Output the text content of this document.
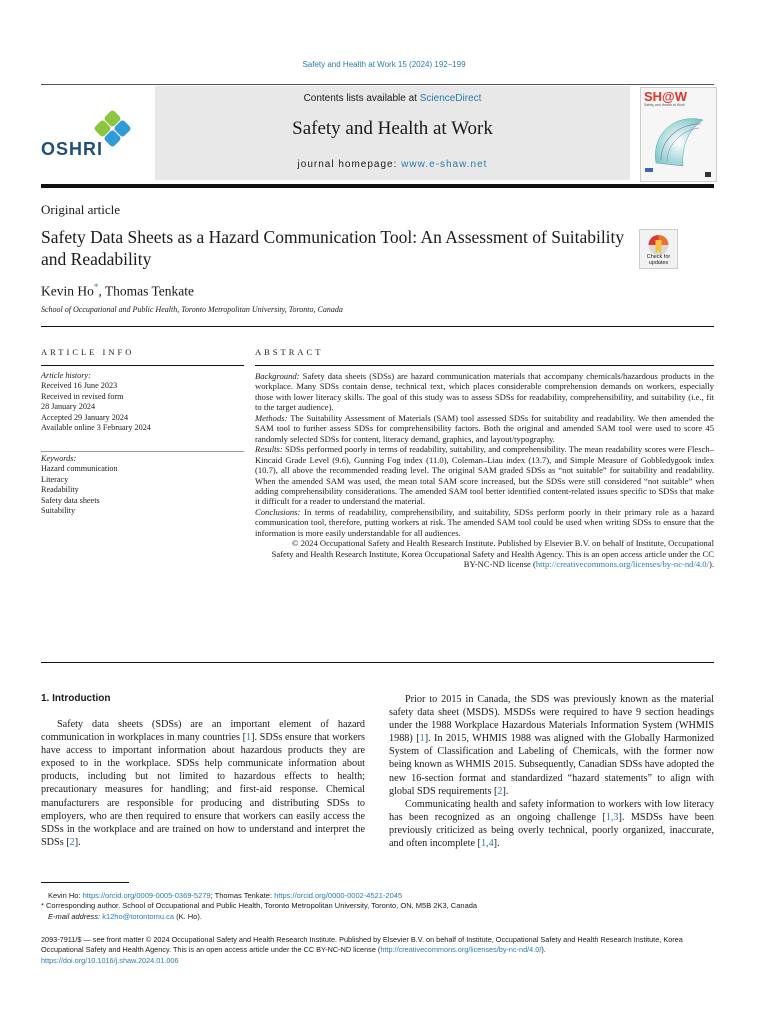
Safety and Health at Work 15 (2024) 192–199
OSHRI
Contents lists available at ScienceDirect
Safety and Health at Work
journal homepage: www.e-shaw.net
SH@W
Safety and Health at Work
Original article
Safety Data Sheets as a Hazard Communication Tool: An Assessment of Suitability and Readability	Check for updates
Kevin Ho*, Thomas Tenkate
School of Occupational and Public Health, Toronto Metropolitan University, Toronto, Canada
ARTICLE INFO
Article history:
Received 16 June 2023
Received in revised form
28 January 2024
Accepted 29 January 2024
Available online 3 February 2024
Keywords:
Hazard communication
Literacy
Readability
Safety data sheets
Suitability
ABSTRACT

Background: Safety data sheets (SDSs) are hazard communication materials that accompany chemicals/hazardous products in the workplace. Many SDSs contain dense, technical text, which places considerable comprehension demands on workers, especially those with lower literacy skills. The goal of this study was to assess SDSs for readability, comprehensibility, and suitability (i.e., fit to the target audience).

Methods: The Suitability Assessment of Materials (SAM) tool assessed SDSs for suitability and readability. We then amended the SAM tool to further assess SDSs for comprehensibility factors. Both the original and amended SAM tool were used to score 45 randomly selected SDSs for content, literacy demand, graphics, and layout/typography.

Results: SDSs performed poorly in terms of readability, suitability, and comprehensibility. The mean readability scores were Flesch–Kincaid Grade Level (9.6), Gunning Fog index (11.0), Coleman–Liau index (13.7), and Simple Measure of Gobbledygook index (10.7), all above the recommended reading level. The original SAM graded SDSs as “not suitable” for suitability and readability. When the amended SAM was used, the mean total SAM score increased, but the SDSs were still considered “not suitable” when adding comprehensibility considerations. The amended SAM tool better identified content-related issues specific to SDSs that make it difficult for a reader to understand the material.

Conclusions: In terms of readability, comprehensibility, and suitability, SDSs perform poorly in their primary role as a hazard communication tool, therefore, putting workers at risk. The amended SAM tool could be used when writing SDSs to ensure that the information is more easily understandable for all audiences.

© 2024 Occupational Safety and Health Research Institute. Published by Elsevier B.V. on behalf of Institute, Occupational Safety and Health Research Institute, Korea Occupational Safety and Health Agency. This is an open access article under the CC BY-NC-ND license (http://creativecommons.org/licenses/by-nc-nd/4.0/).

1. Introduction

Safety data sheets (SDSs) are an important element of hazard communication in workplaces in many countries [1]. SDSs ensure that workers have access to important information about hazardous products they are exposed to in the workplace. SDSs help communicate information about products, including but not limited to hazardous effects to health; precautionary measures for handling; and first-aid response. Chemical manufacturers are responsible for producing and distributing SDSs to employers, who are then required to ensure that workers can easily access the SDSs in the workplace and are trained on how to understand and interpret the SDSs [2].

Prior to 2015 in Canada, the SDS was previously known as the material safety data sheet (MSDS). MSDSs were required to have 9 section headings under the 1988 Workplace Hazardous Materials Information System (WHMIS 1988) [1]. In 2015, WHMIS 1988 was aligned with the Globally Harmonized System of Classification and Labeling of Chemicals, with the former now being known as WHMIS 2015. Subsequently, Canadian SDSs have adopted the new 16-section format and standardized “hazard statements” to align with global SDS requirements [2].

Communicating health and safety information to workers with low literacy has been recognized as an ongoing challenge [1,3]. MSDSs have been previously criticized as being overly technical, poorly organized, inaccurate, and often incomplete [1,4].

Kevin Ho: https://orcid.org/0009-0005-0369-5279; Thomas Tenkate: https://orcid.org/0000-0002-4521-2045
* Corresponding author. School of Occupational and Public Health, Toronto Metropolitan University, Toronto, ON, M5B 2K3, Canada
E-mail address: k12ho@torontomu.ca (K. Ho).
2093-7911/$ — see front matter © 2024 Occupational Safety and Health Research Institute. Published by Elsevier B.V. on behalf of Institute, Occupational Safety and Health Research Institute, Korea Occupational Safety and Health Agency. This is an open access article under the CC BY-NC-ND license (http://creativecommons.org/licenses/by-nc-nd/4.0/).
https://doi.org/10.1016/j.shaw.2024.01.006
